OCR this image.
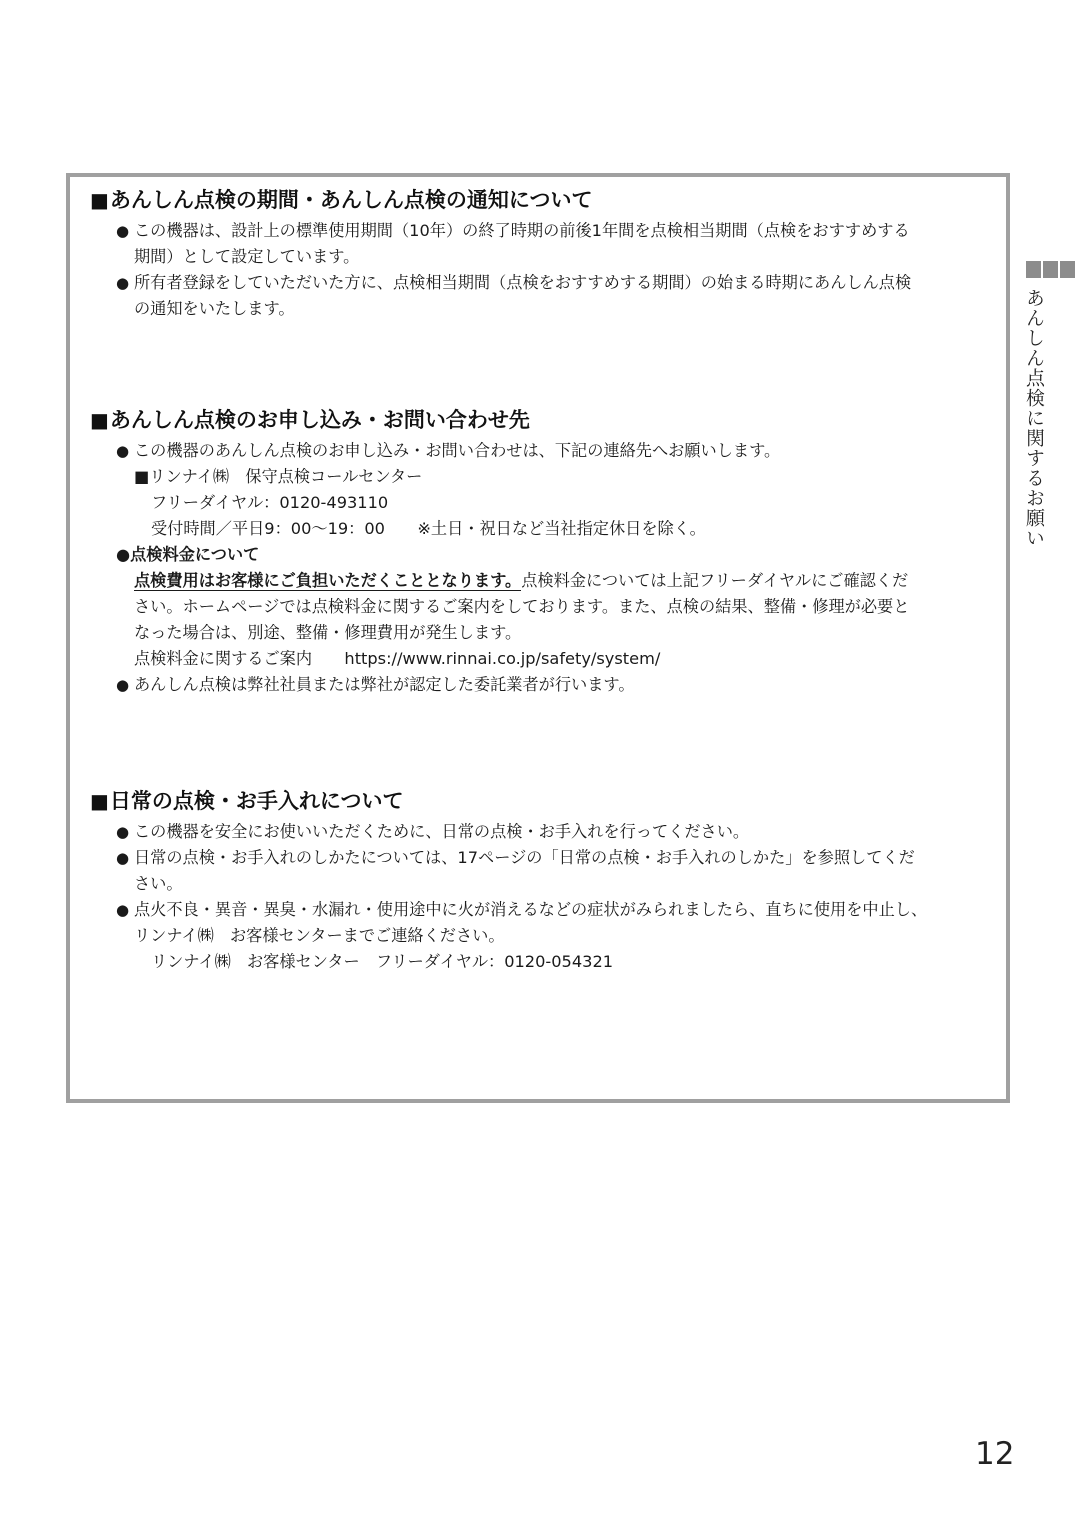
■あんしん点検の期間・あんしん点検の通知について
● この機器は、設計上の標準使用期間（10年）の終了時期の前後1年間を点検相当期間（点検をおすすめする
期間）として設定しています。
● 所有者登録をしていただいた方に、点検相当期間（点検をおすすめする期間）の始まる時期にあんしん点検
の通知をいたします。
■あんしん点検のお申し込み・お問い合わせ先
● この機器のあんしん点検のお申し込み・お問い合わせは、下記の連絡先へお願いします。
■リンナイ㈱　保守点検コールセンター
フリーダイヤル：0120-493110
受付時間／平日9：00～19：00　　※土日・祝日など当社指定休日を除く。
●点検料金について
点検費用はお客様にご負担いただくこととなります。点検料金については上記フリーダイヤルにご確認くだ
さい。ホームページでは点検料金に関するご案内をしております。また、点検の結果、整備・修理が必要と
なった場合は、別途、整備・修理費用が発生します。
点検料金に関するご案内　　https://www.rinnai.co.jp/safety/system/
● あんしん点検は弊社社員または弊社が認定した委託業者が行います。
■日常の点検・お手入れについて
● この機器を安全にお使いいただくために、日常の点検・お手入れを行ってください。
● 日常の点検・お手入れのしかたについては、17ページの「日常の点検・お手入れのしかた」を参照してくだ
さい。
● 点火不良・異音・異臭・水漏れ・使用途中に火が消えるなどの症状がみられましたら、直ちに使用を中止し、
リンナイ㈱　お客様センターまでご連絡ください。
リンナイ㈱　お客様センター　フリーダイヤル：0120-054321
あんしん点検に関するお願い
12
